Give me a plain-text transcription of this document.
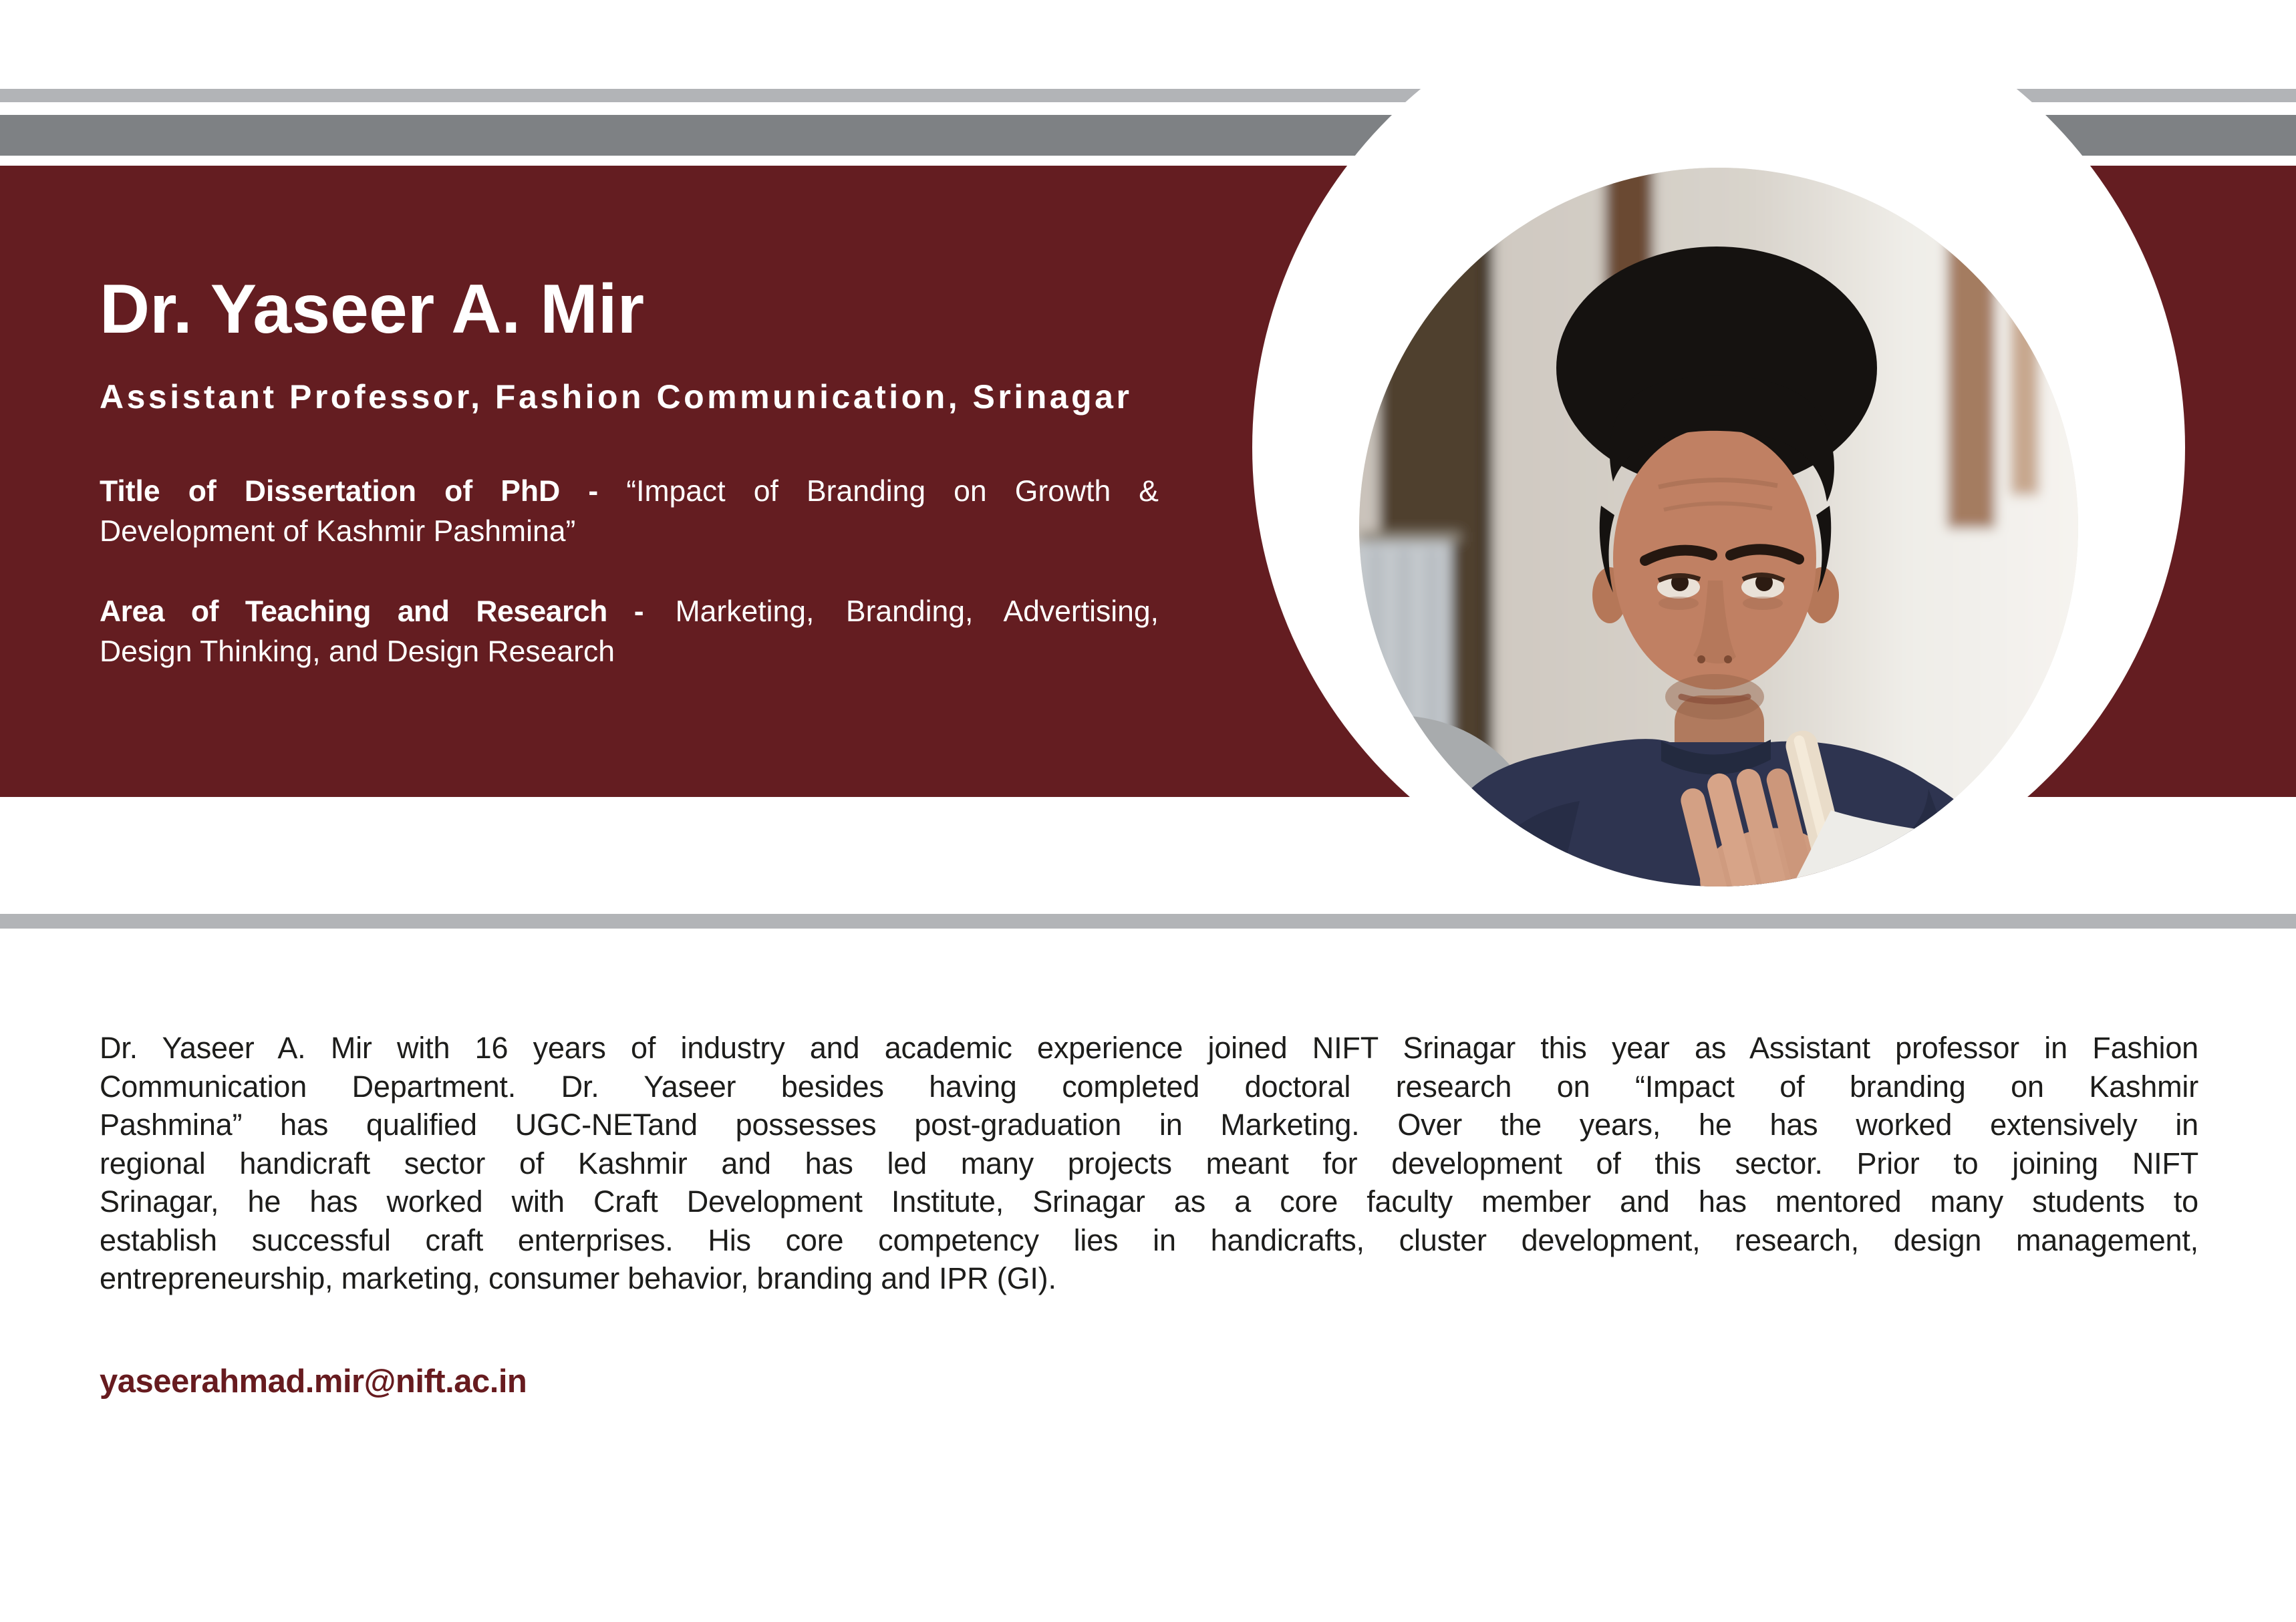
Dr. Yaseer A. Mir
Assistant Professor, Fashion Communication, Srinagar
Title of Dissertation of PhD - “Impact of Branding on Growth &
Development of Kashmir Pashmina”
Area of Teaching and Research - Marketing, Branding, Advertising,
Design Thinking, and Design Research
Dr. Yaseer A. Mir with 16 years of industry and academic experience joined NIFT Srinagar this year as Assistant professor in Fashion
Communication Department. Dr. Yaseer besides having completed doctoral research on “Impact of branding on Kashmir
Pashmina” has qualified UGC-NETand possesses post-graduation in Marketing. Over the years, he has worked extensively in
regional handicraft sector of Kashmir and has led many projects meant for development of this sector. Prior to joining NIFT
Srinagar, he has worked with Craft Development Institute, Srinagar as a core faculty member and has mentored many students to
establish successful craft enterprises. His core competency lies in handicrafts, cluster development, research, design management,
entrepreneurship, marketing, consumer behavior, branding and IPR (GI).
yaseerahmad.mir@nift.ac.in
